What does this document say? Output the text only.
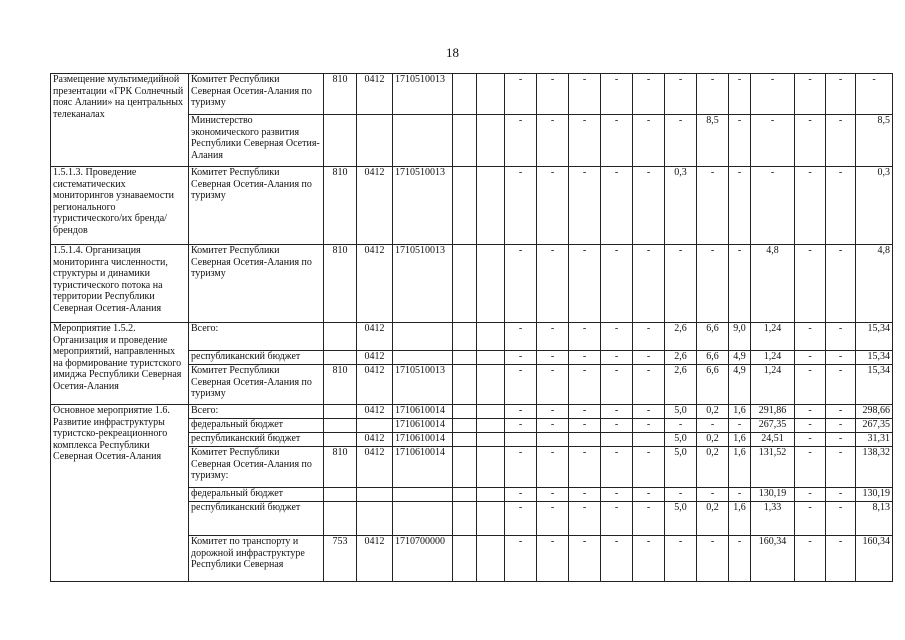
18
Размещение мультимедийной презентации «ГРК Солнечный пояс Алании» на центральных телеканалах	Комитет Республики Северная Осетия-Алания по туризму	810	0412	1710510013			-	-	-	-	-	-	-	-	-	-	-	-
	Министерство экономического развития Республики Северная Осетия-Алания						-	-	-	-	-	-	8,5	-	-	-	-	8,5
1.5.1.3. Проведение систематических мониторингов узнаваемости регионального туристического/их бренда/брендов	Комитет Республики Северная Осетия-Алания по туризму	810	0412	1710510013			-	-	-	-	-	0,3	-	-	-	-	-	0,3
1.5.1.4. Организация мониторинга численности, структуры и динамики туристического потока на территории Республики Северная Осетия-Алания	Комитет Республики Северная Осетия-Алания по туризму	810	0412	1710510013			-	-	-	-	-	-	-	-	4,8	-	-	4,8
Мероприятие 1.5.2. Организация и проведение мероприятий, направленных на формирование туристского имиджа Республики Северная Осетия-Алания	Всего:		0412				-	-	-	-	-	2,6	6,6	9,0	1,24	-	-	15,34
	республиканский бюджет		0412				-	-	-	-	-	2,6	6,6	4,9	1,24	-	-	15,34
	Комитет Республики Северная Осетия-Алания по туризму	810	0412	1710510013			-	-	-	-	-	2,6	6,6	4,9	1,24	-	-	15,34
Основное мероприятие 1.6. Развитие инфраструктуры туристско-рекреационного комплекса Республики Северная Осетия-Алания	Всего:		0412	1710610014			-	-	-	-	-	5,0	0,2	1,6	291,86	-	-	298,66
	федеральный бюджет			1710610014			-	-	-	-	-	-	-	-	267,35	-	-	267,35
	республиканский бюджет		0412	1710610014								5,0	0,2	1,6	24,51	-	-	31,31
	Комитет Республики Северная Осетия-Алания по туризму:	810	0412	1710610014			-	-	-	-	-	5,0	0,2	1,6	131,52	-	-	138,32
	федеральный бюджет						-	-	-	-	-	-	-	-	130,19	-	-	130,19
	республиканский бюджет						-	-	-	-	-	5,0	0,2	1,6	1,33	-	-	8,13
	Комитет по транспорту и дорожной инфраструктуре Республики Северная	753	0412	1710700000			-	-	-	-	-	-	-	-	160,34	-	-	160,34
